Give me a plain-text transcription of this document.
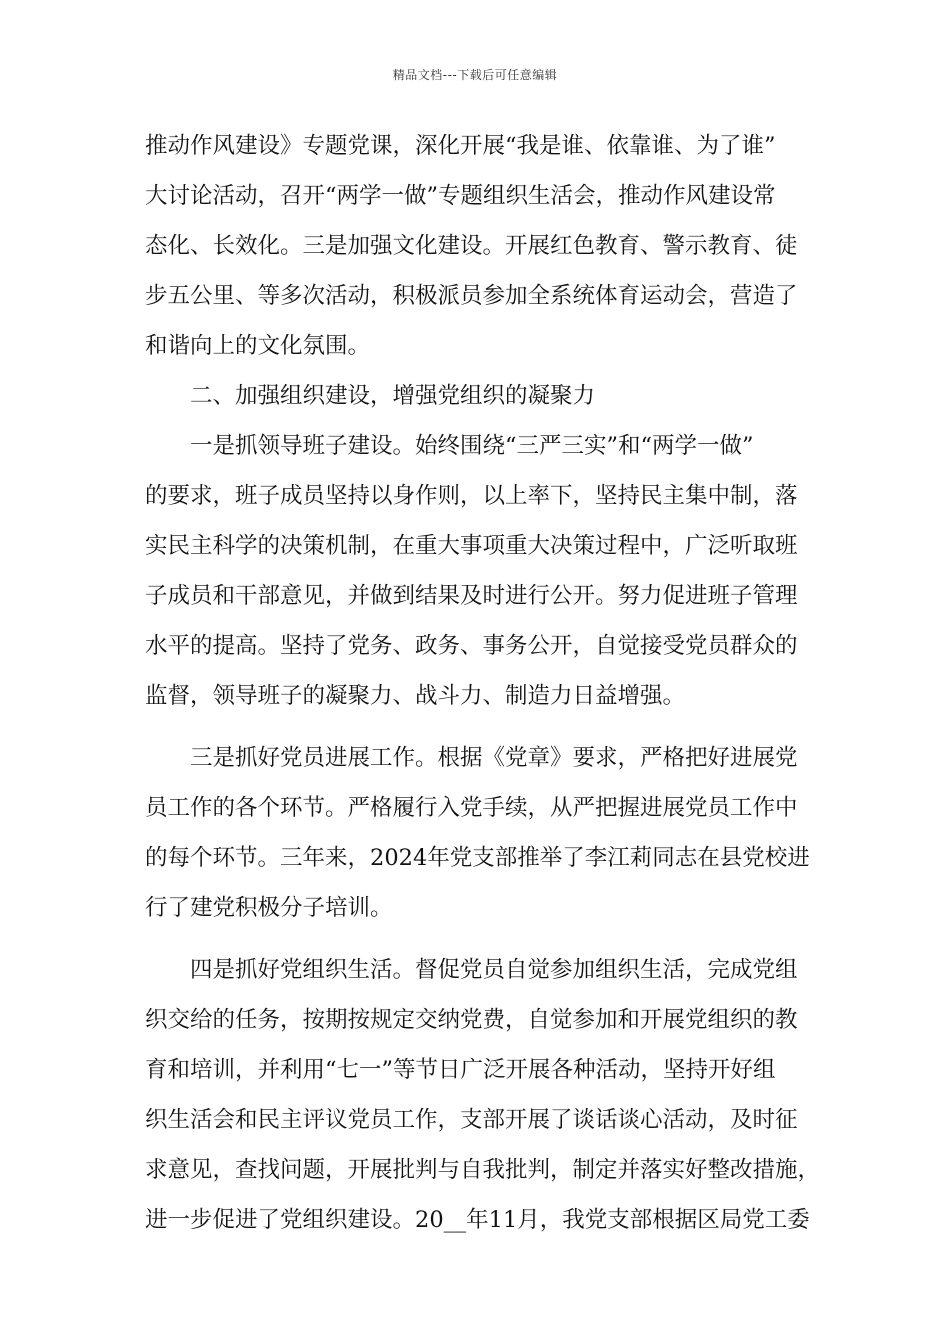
精品文档---下载后可任意编辑
推动作风建设》专题党课，深化开展“我是谁、依靠谁、为了谁”
大讨论活动，召开“两学一做”专题组织生活会，推动作风建设常
态化、长效化。三是加强文化建设。开展红色教育、警示教育、徒
步五公里、等多次活动，积极派员参加全系统体育运动会，营造了
和谐向上的文化氛围。
二、加强组织建设，增强党组织的凝聚力
一是抓领导班子建设。始终围绕“三严三实”和“两学一做”
的要求，班子成员坚持以身作则，以上率下，坚持民主集中制，落
实民主科学的决策机制，在重大事项重大决策过程中，广泛听取班
子成员和干部意见，并做到结果及时进行公开。努力促进班子管理
水平的提高。坚持了党务、政务、事务公开，自觉接受党员群众的
监督，领导班子的凝聚力、战斗力、制造力日益增强。
三是抓好党员进展工作。根据《党章》要求，严格把好进展党
员工作的各个环节。严格履行入党手续，从严把握进展党员工作中
的每个环节。三年来，2024年党支部推举了李江莉同志在县党校进
行了建党积极分子培训。
四是抓好党组织生活。督促党员自觉参加组织生活，完成党组
织交给的任务，按期按规定交纳党费，自觉参加和开展党组织的教
育和培训，并利用“七一”等节日广泛开展各种活动，坚持开好组
织生活会和民主评议党员工作，支部开展了谈话谈心活动，及时征
求意见，查找问题，开展批判与自我批判，制定并落实好整改措施，
进一步促进了党组织建设。20__年11月，我党支部根据区局党工委
